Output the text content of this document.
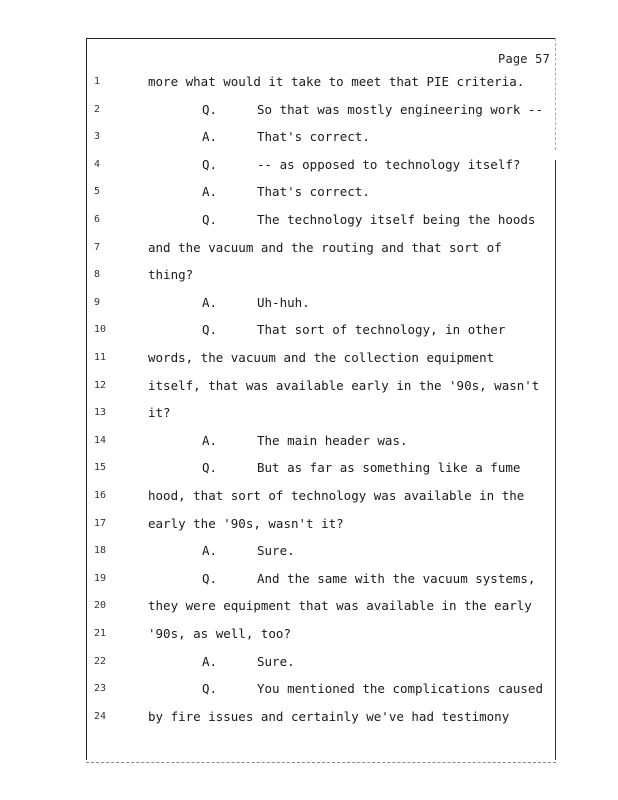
Page 57
1	more what would it take to meet that PIE criteria.
2	Q.	So that was mostly engineering work --
3	A.	That's correct.
4	Q.	-- as opposed to technology itself?
5	A.	That's correct.
6	Q.	The technology itself being the hoods
7	and the vacuum and the routing and that sort of
8	thing?
9	A.	Uh-huh.
10	Q.	That sort of technology, in other
11	words, the vacuum and the collection equipment
12	itself, that was available early in the '90s, wasn't
13	it?
14	A.	The main header was.
15	Q.	But as far as something like a fume
16	hood, that sort of technology was available in the
17	early the '90s, wasn't it?
18	A.	Sure.
19	Q.	And the same with the vacuum systems,
20	they were equipment that was available in the early
21	'90s, as well, too?
22	A.	Sure.
23	Q.	You mentioned the complications caused
24	by fire issues and certainly we've had testimony
